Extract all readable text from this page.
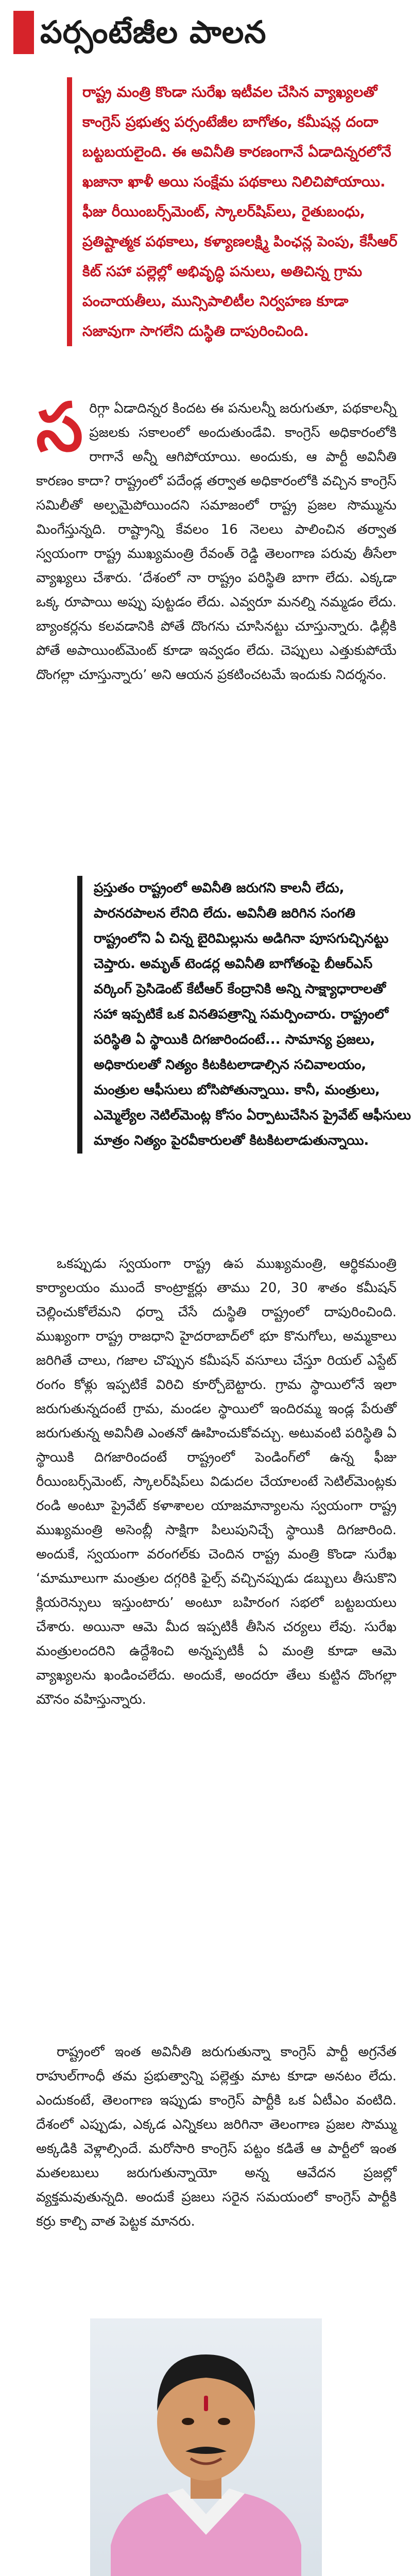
పర్సంటేజీల పాలన

రాష్ట్ర మంత్రి కొండా సురేఖ ఇటీవల చేసిన వ్యాఖ్యలతో కాంగ్రెస్ ప్రభుత్వ పర్సంటేజీల బాగోతం, కమీషన్ల దందా బట్టబయలైంది. ఈ అవినీతి కారణంగానే ఏడాదిన్నరలోనే ఖజానా ఖాళీ అయి సంక్షేమ పథకాలు నిలిచిపోయాయి. ఫీజు రీయింబర్స్‌మెంట్, స్కాలర్‌షిప్‌లు, రైతుబంధు, ప్రతిష్టాత్మక పథకాలు, కళ్యాణలక్ష్మి పింఛన్ల పెంపు, కేసీఆర్ కిట్ సహా పల్లెల్లో అభివృద్ధి పనులు, అతిచిన్న గ్రామ పంచాయతీలు, మున్సిపాలిటీల నిర్వహణ కూడా సజావుగా సాగలేని దుస్థితి దాపురించింది.

సరిగ్గా ఏడాదిన్నర కిందట ఈ పనులన్నీ జరుగుతూ, పథకాలన్నీ ప్రజలకు సకాలంలో అందుతుండేవి. కాంగ్రెస్ అధికారంలోకి రాగానే అన్నీ ఆగిపోయాయి. అందుకు, ఆ పార్టీ అవినీతి కారణం కాదా? రాష్ట్రంలో పదేండ్ల తర్వాత అధికారంలోకి వచ్చిన కాంగ్రెస్ సమిలీతో అల్పమైపోయిందని సమాజంలో రాష్ట్ర ప్రజల సొమ్మును మింగేస్తున్నది. రాష్ట్రాన్ని కేవలం 16 నెలలు పాలించిన తర్వాత స్వయంగా రాష్ట్ర ముఖ్యమంత్రి రేవంత్ రెడ్డి తెలంగాణ పరువు తీసేలా వ్యాఖ్యలు చేశారు. ‘దేశంలో నా రాష్ట్రం పరిస్థితి బాగా లేదు. ఎక్కడా ఒక్క రూపాయి అప్పు పుట్టడం లేదు. ఎవ్వరూ మనల్ని నమ్మడం లేదు. బ్యాంకర్లను కలవడానికి పోతే దొంగను చూసినట్టు చూస్తున్నారు. ఢిల్లీకి పోతే అపాయింట్‌మెంట్ కూడా ఇవ్వడం లేదు. చెప్పులు ఎత్తుకుపోయే దొంగల్లా చూస్తున్నారు’ అని ఆయన ప్రకటించటమే ఇందుకు నిదర్శనం.

ప్రస్తుతం రాష్ట్రంలో అవినీతి జరుగని కాలనీ లేదు, పారనరపాలన లేనిది లేదు. అవినీతి జరిగిన సంగతి రాష్ట్రంలోని ఏ చిన్న బైరిమిల్లును అడిగినా పూసగుచ్చినట్టు చెప్తారు. అమృత్ టెండర్ల అవినీతి బాగోతంపై బీఆర్ఎస్ వర్కింగ్ ప్రెసిడెంట్ కేటీఆర్ కేంద్రానికి అన్ని సాక్ష్యాధారాలతో సహా ఇప్పటికే ఒక వినతిపత్రాన్ని సమర్పించారు. రాష్ట్రంలో పరిస్థితి ఏ స్థాయికి దిగజారిందంటే... సామాన్య ప్రజలు, అధికారులతో నిత్యం కిటకిటలాడాల్సిన సచివాలయం, మంత్రుల ఆఫీసులు బోసిపోతున్నాయి. కానీ, మంత్రులు, ఎమ్మెల్యేల నెటిల్‌మెంట్ల కోసం ఏర్పాటుచేసిన ప్రైవేట్ ఆఫీసులు మాత్రం నిత్యం పైరవీకారులతో కిటకిటలాడుతున్నాయి.

ఒకప్పుడు స్వయంగా రాష్ట్ర ఉప ముఖ్యమంత్రి, ఆర్థికమంత్రి కార్యాలయం ముందే కాంట్రాక్టర్లు తాము 20, 30 శాతం కమీషన్ చెల్లించుకోలేమని ధర్నా చేసే దుస్థితి రాష్ట్రంలో దాపురించింది. ముఖ్యంగా రాష్ట్ర రాజధాని హైదరాబాద్‌లో భూ కొనుగోలు, అమ్మకాలు జరిగితే చాలు, గజాల చొప్పున కమీషన్ వసూలు చేస్తూ రియల్ ఎస్టేట్ రంగం కోళ్లు ఇప్పటికే విరిచి కూర్చోబెట్టారు. గ్రామ స్థాయిలోనే ఇలా జరుగుతున్నదంటే గ్రామ, మండల స్థాయిలో ఇందిరమ్మ ఇండ్ల పేరుతో జరుగుతున్న అవినీతి ఎంతనో ఊహించుకోవచ్చు. అటువంటి పరిస్థితి ఏ స్థాయికి దిగజారిందంటే రాష్ట్రంలో పెండింగ్‌లో ఉన్న ఫీజు రీయింబర్స్‌మెంట్, స్కాలర్‌షిప్‌లు విడుదల చేయాలంటే సెటిల్‌మెంట్లకు రండి అంటూ ప్రైవేట్ కళాశాలల యాజమాన్యాలను స్వయంగా రాష్ట్ర ముఖ్యమంత్రి అసెంబ్లీ సాక్షిగా పిలుపునిచ్చే స్థాయికి దిగజారింది. అందుకే, స్వయంగా వరంగల్‌కు చెందిన రాష్ట్ర మంత్రి కొండా సురేఖ ‘మామూలుగా మంత్రుల దగ్గరికి ఫైల్స్ వచ్చినప్పుడు డబ్బులు తీసుకొని క్లియరెన్సులు ఇస్తుంటారు’ అంటూ బహిరంగ సభలో బట్టబయలు చేశారు. అయినా ఆమె మీద ఇప్పటికీ తీసిన చర్యలు లేవు. సురేఖ మంత్రులందరిని ఉద్దేశించి అన్నప్పటికీ ఏ మంత్రి కూడా ఆమె వ్యాఖ్యలను ఖండించలేదు. అందుకే, అందరూ తేలు కుట్టిన దొంగల్లా మౌనం వహిస్తున్నారు.

రాష్ట్రంలో ఇంత అవినీతి జరుగుతున్నా కాంగ్రెస్ పార్టీ అగ్రనేత రాహుల్‌గాంధీ తమ ప్రభుత్వాన్ని పల్లెత్తు మాట కూడా అనటం లేదు. ఎందుకంటే, తెలంగాణ ఇప్పుడు కాంగ్రెస్ పార్టీకి ఒక ఏటీఎం వంటిది. దేశంలో ఎప్పుడు, ఎక్కడ ఎన్నికలు జరిగినా తెలంగాణ ప్రజల సొమ్ము అక్కడికి వెళ్లాల్సిందే. మరోసారి కాంగ్రెస్ పట్టం కడితే ఆ పార్టీలో ఇంత మతలబులు జరుగుతున్నాయో అన్న ఆవేదన ప్రజల్లో వ్యక్తమవుతున్నది. అందుకే ప్రజలు సరైన సమయంలో కాంగ్రెస్ పార్టీకి కర్రు కాల్చి వాత పెట్టక మానరు.
